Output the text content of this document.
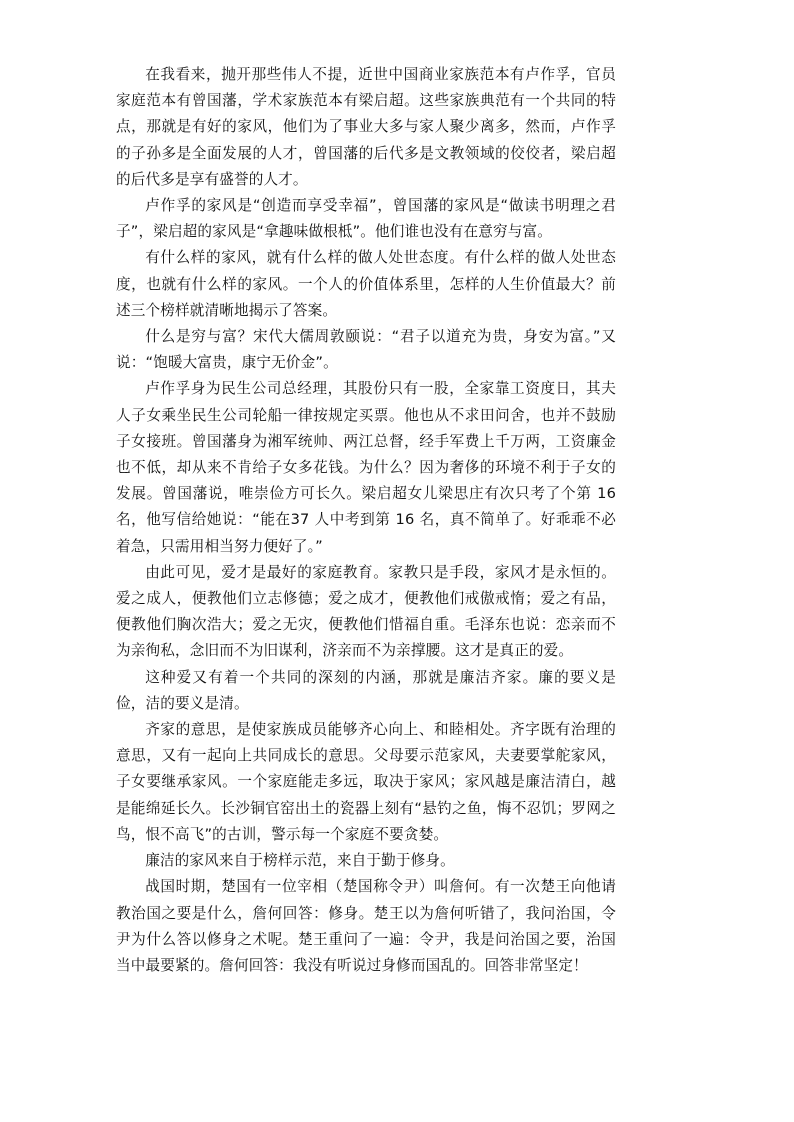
在我看来，抛开那些伟人不提，近世中国商业家族范本有卢作孚，官员家庭范本有曾国藩，学术家族范本有梁启超。这些家族典范有一个共同的特点，那就是有好的家风，他们为了事业大多与家人聚少离多，然而，卢作孚的子孙多是全面发展的人才，曾国藩的后代多是文教领域的佼佼者，梁启超的后代多是享有盛誉的人才。

卢作孚的家风是“创造而享受幸福”，曾国藩的家风是“做读书明理之君子”，梁启超的家风是“拿趣味做根柢”。他们谁也没有在意穷与富。

有什么样的家风，就有什么样的做人处世态度。有什么样的做人处世态度，也就有什么样的家风。一个人的价值体系里，怎样的人生价值最大？前述三个榜样就清晰地揭示了答案。

什么是穷与富？宋代大儒周敦颐说：“君子以道充为贵，身安为富。”又说：“饱暖大富贵，康宁无价金”。

卢作孚身为民生公司总经理，其股份只有一股，全家靠工资度日，其夫人子女乘坐民生公司轮船一律按规定买票。他也从不求田问舍，也并不鼓励子女接班。曾国藩身为湘军统帅、两江总督，经手军费上千万两，工资廉金也不低，却从来不肯给子女多花钱。为什么？因为奢侈的环境不利于子女的发展。曾国藩说，唯崇俭方可长久。梁启超女儿梁思庄有次只考了个第 16 名，他写信给她说：“能在37 人中考到第 16 名，真不简单了。好乖乖不必着急，只需用相当努力便好了。”

由此可见，爱才是最好的家庭教育。家教只是手段，家风才是永恒的。爱之成人，便教他们立志修德；爱之成才，便教他们戒傲戒惰；爱之有品，便教他们胸次浩大；爱之无灾，便教他们惜福自重。毛泽东也说：恋亲而不为亲徇私，念旧而不为旧谋利，济亲而不为亲撑腰。这才是真正的爱。

这种爱又有着一个共同的深刻的内涵，那就是廉洁齐家。廉的要义是俭，洁的要义是清。

齐家的意思，是使家族成员能够齐心向上、和睦相处。齐字既有治理的意思，又有一起向上共同成长的意思。父母要示范家风，夫妻要掌舵家风，子女要继承家风。一个家庭能走多远，取决于家风；家风越是廉洁清白，越是能绵延长久。长沙铜官窑出土的瓷器上刻有“悬钓之鱼，悔不忍饥；罗网之鸟，恨不高飞”的古训，警示每一个家庭不要贪婪。

廉洁的家风来自于榜样示范，来自于勤于修身。

战国时期，楚国有一位宰相（楚国称令尹）叫詹何。有一次楚王向他请教治国之要是什么，詹何回答：修身。楚王以为詹何听错了，我问治国，令尹为什么答以修身之术呢。楚王重问了一遍：令尹，我是问治国之要，治国当中最要紧的。詹何回答：我没有听说过身修而国乱的。回答非常坚定！
